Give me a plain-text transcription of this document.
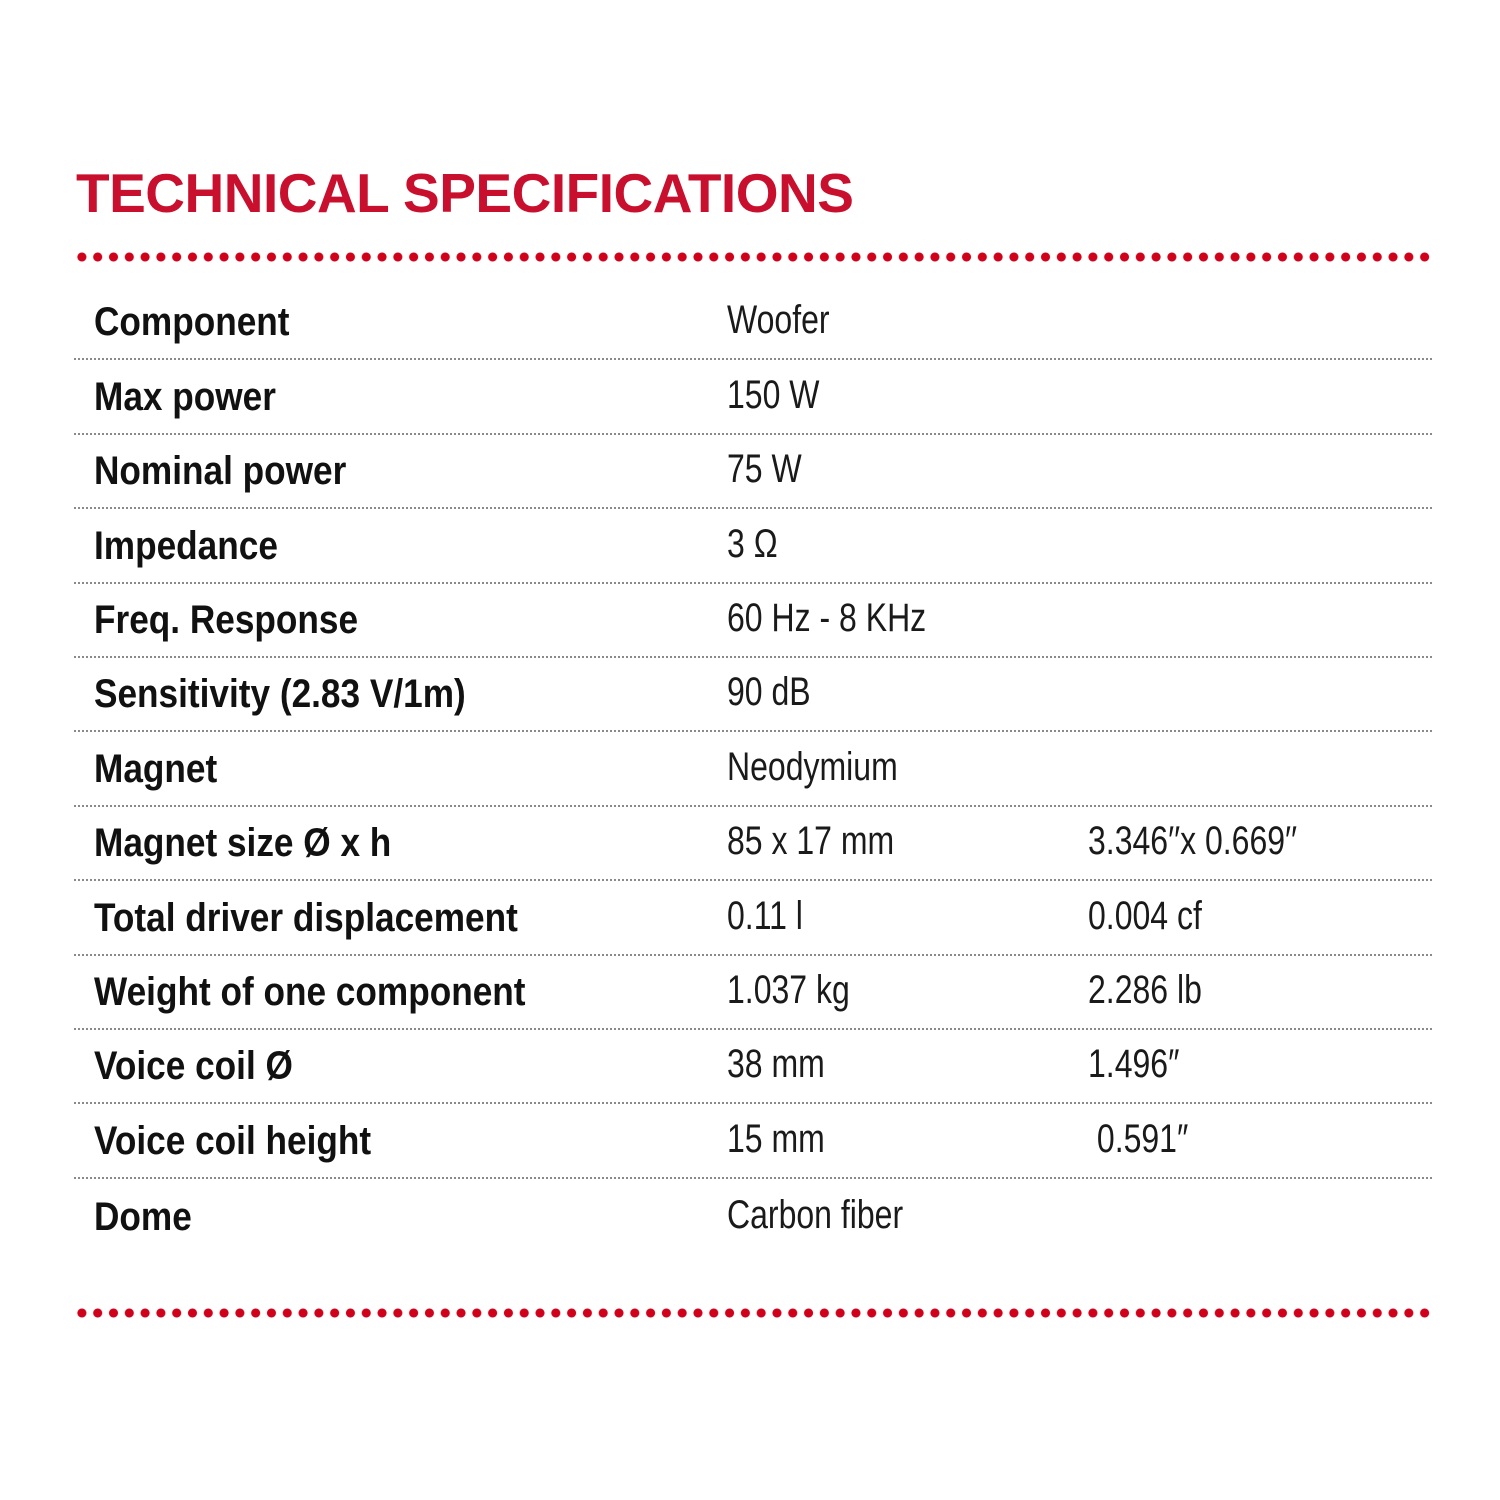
TECHNICAL SPECIFICATIONS
Component	Woofer
Max power	150 W
Nominal power	75 W
Impedance	3 Ω
Freq. Response	60 Hz - 8 KHz
Sensitivity (2.83 V/1m)	90 dB
Magnet	Neodymium
Magnet size Ø x h	85 x 17 mm	3.346′′x 0.669′′
Total driver displacement	0.11 l	0.004 cf
Weight of one component	1.037 kg	2.286 lb
Voice coil Ø	38 mm	1.496″
Voice coil height	15 mm	0.591″
Dome	Carbon fiber
